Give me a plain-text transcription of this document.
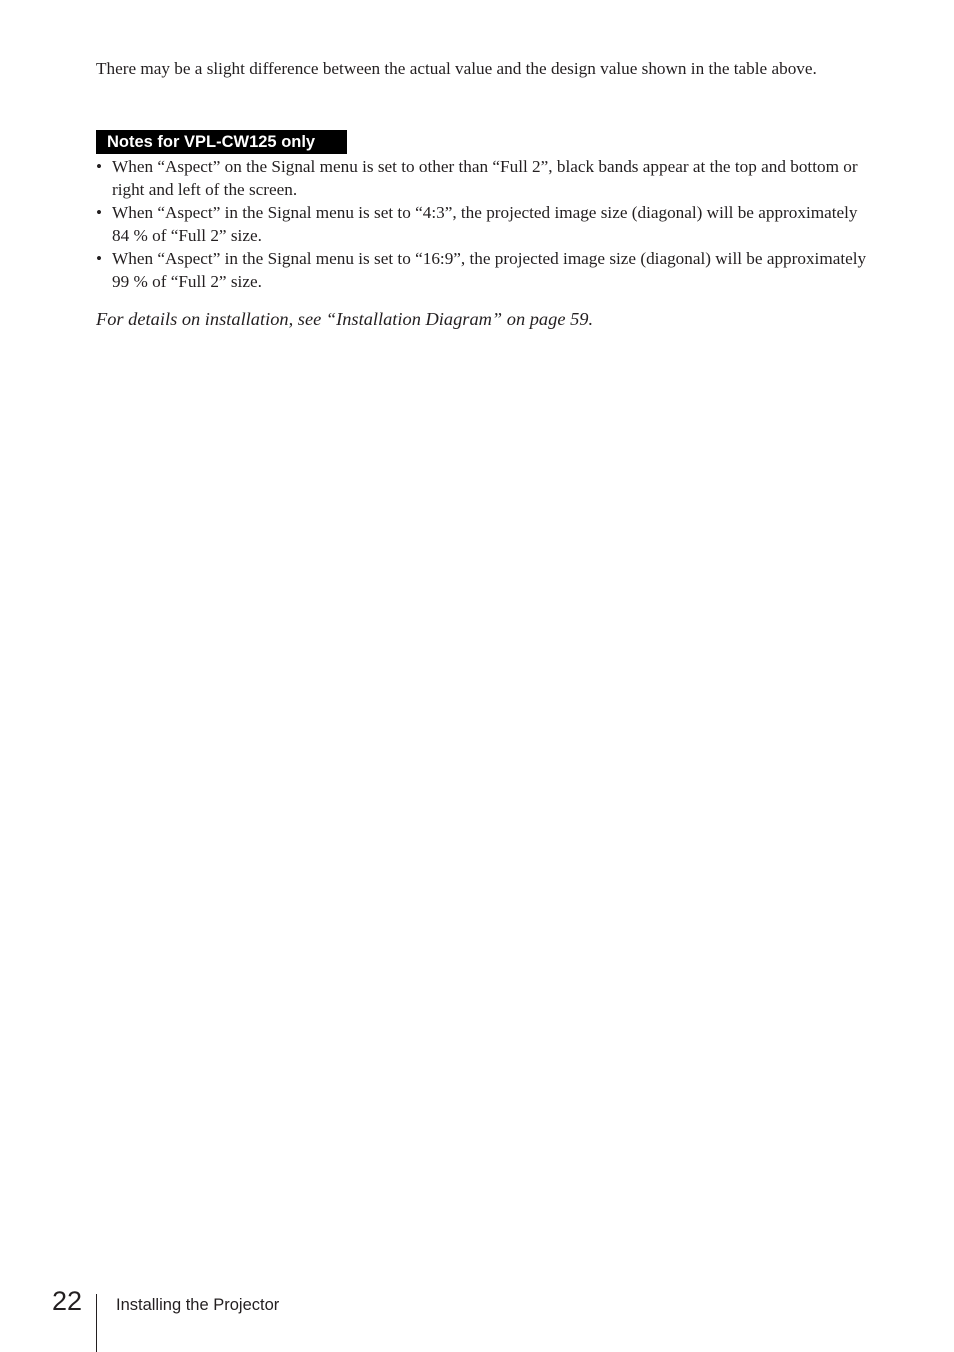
There may be a slight difference between the actual value and the design value shown in the table above.

Notes for VPL-CW125 only
• When “Aspect” on the Signal menu is set to other than “Full 2”, black bands appear at the top and bottom or right and left of the screen.
• When “Aspect” in the Signal menu is set to “4:3”, the projected image size (diagonal) will be approximately 84 % of “Full 2” size.
• When “Aspect” in the Signal menu is set to “16:9”, the projected image size (diagonal) will be approximately 99 % of “Full 2” size.

For details on installation, see “Installation Diagram” on page 59.

22 Installing the Projector
